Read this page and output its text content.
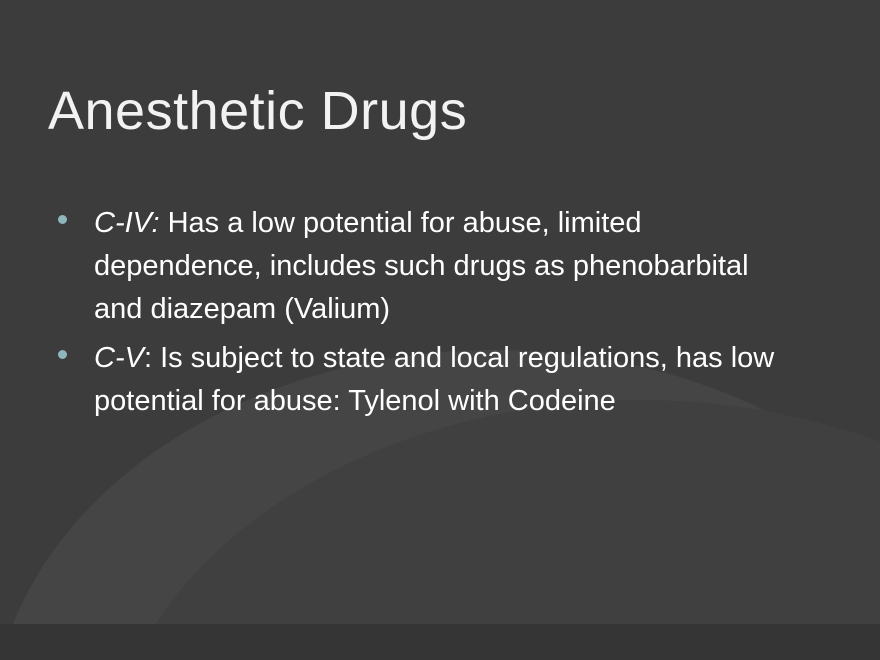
Anesthetic Drugs
C-IV: Has a low potential for abuse, limited dependence, includes such drugs as phenobarbital and diazepam (Valium)
C-V: Is subject to state and local regulations, has low potential for abuse: Tylenol with Codeine
